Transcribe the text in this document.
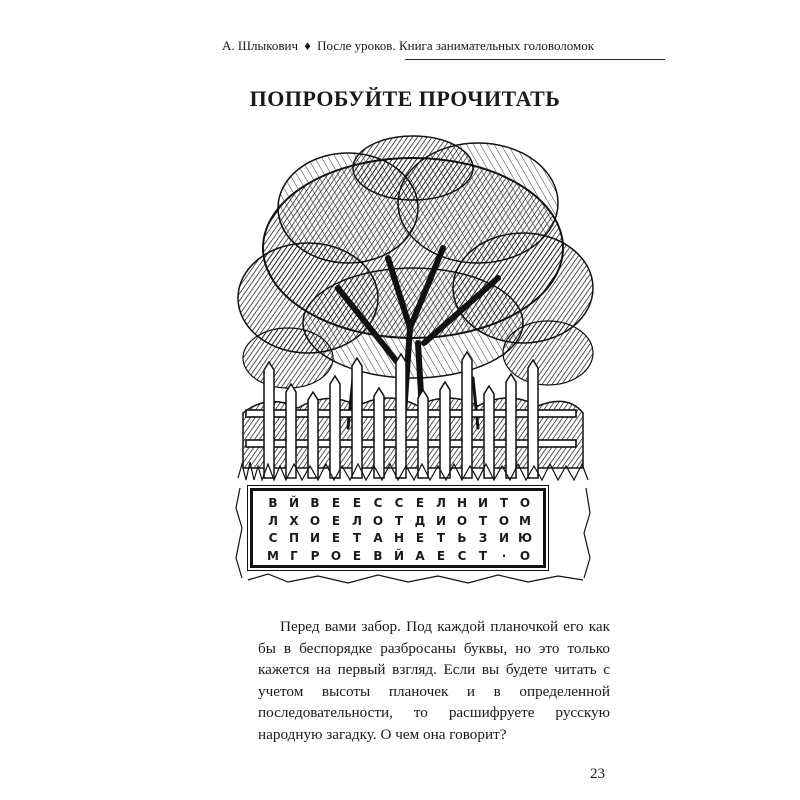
А. Шлыкович ♦ После уроков. Книга занимательных головоломок
ПОПРОБУЙТЕ ПРОЧИТАТЬ
В Й В	Е	Е	С С	Е Л Н И Т О
Л Х О Е Л О Т Д И О Т О М
С П И Е	Т	А Н Е	Т	Ь	З И Ю
М Г	Р О Е	В Й А	Е	С	Т	·	О

Перед вами забор. Под каждой планочкой его как бы в беспорядке разбросаны буквы, но это только кажется на первый взгляд. Если вы будете читать с учетом высоты планочек и в определенной последовательности, то расшифруете русскую народную загадку. О чем она говорит?

23
